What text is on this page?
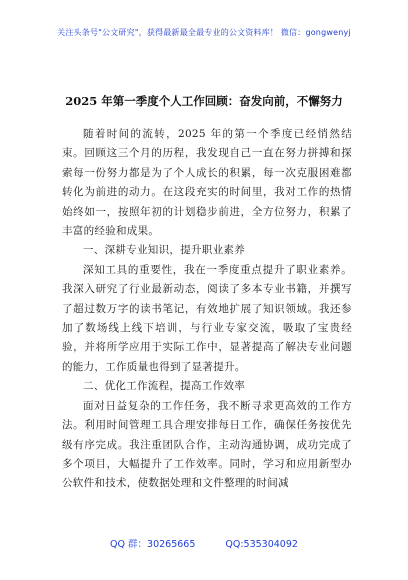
关注头条号"公文研究"，获得最新最全最专业的公文资料库！ 微信：gongwenyj
2025 年第一季度个人工作回顾：奋发向前，不懈努力

随着时间的流转，2025 年的第一个季度已经悄然结束。回顾这三个月的历程，我发现自己一直在努力拼搏和探索每一份努力都是为了个人成长的积累，每一次克服困难都转化为前进的动力。在这段充实的时间里，我对工作的热情始终如一，按照年初的计划稳步前进，全方位努力，积累了丰富的经验和成果。

一、深耕专业知识，提升职业素养

深知工具的重要性，我在一季度重点提升了职业素养。我深入研究了行业最新动态，阅读了多本专业书籍，并撰写了超过数万字的读书笔记，有效地扩展了知识领域。我还参加了数场线上线下培训，与行业专家交流，吸取了宝贵经验，并将所学应用于实际工作中，显著提高了解决专业问题的能力，工作质量也得到了显著提升。

二、优化工作流程，提高工作效率

面对日益复杂的工作任务，我不断寻求更高效的工作方法。利用时间管理工具合理安排每日工作，确保任务按优先级有序完成。我注重团队合作，主动沟通协调，成功完成了多个项目，大幅提升了工作效率。同时，学习和应用新型办公软件和技术，使数据处理和文件整理的时间减

QQ 群：30265665	QQ:535304092
